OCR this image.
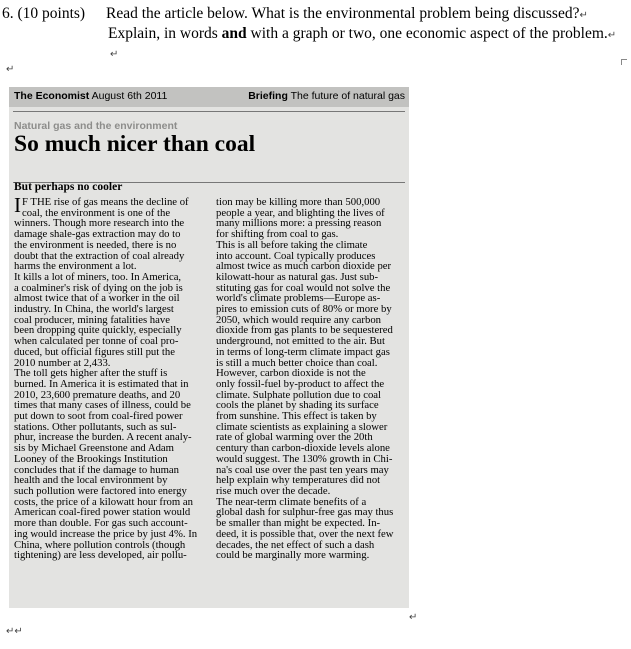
6. (10 points) Read the article below. What is the environmental problem being discussed?↵
Explain, in words and with a graph or two, one economic aspect of the problem.↵
↵
↵
The Economist August 6th 2011	Briefing The future of natural gas
Natural gas and the environment
So much nicer than coal
But perhaps no cooler
I F THE rise of gas means the decline of
coal, the environment is one of the
winners. Though more research into the
damage shale-gas extraction may do to
the environment is needed, there is no
doubt that the extraction of coal already
harms the environment a lot.
It kills a lot of miners, too. In America,
a coalminer's risk of dying on the job is
almost twice that of a worker in the oil
industry. In China, the world's largest
coal producer, mining fatalities have
been dropping quite quickly, especially
when calculated per tonne of coal pro-
duced, but official figures still put the
2010 number at 2,433.
The toll gets higher after the stuff is
burned. In America it is estimated that in
2010, 23,600 premature deaths, and 20
times that many cases of illness, could be
put down to soot from coal-fired power
stations. Other pollutants, such as sul-
phur, increase the burden. A recent analy-
sis by Michael Greenstone and Adam
Looney of the Brookings Institution
concludes that if the damage to human
health and the local environment by
such pollution were factored into energy
costs, the price of a kilowatt hour from an
American coal-fired power station would
more than double. For gas such account-
ing would increase the price by just 4%. In
China, where pollution controls (though
tightening) are less developed, air pollu-
tion may be killing more than 500,000
people a year, and blighting the lives of
many millions more: a pressing reason
for shifting from coal to gas.
This is all before taking the climate
into account. Coal typically produces
almost twice as much carbon dioxide per
kilowatt-hour as natural gas. Just sub-
stituting gas for coal would not solve the
world's climate problems—Europe as-
pires to emission cuts of 80% or more by
2050, which would require any carbon
dioxide from gas plants to be sequestered
underground, not emitted to the air. But
in terms of long-term climate impact gas
is still a much better choice than coal.
However, carbon dioxide is not the
only fossil-fuel by-product to affect the
climate. Sulphate pollution due to coal
cools the planet by shading its surface
from sunshine. This effect is taken by
climate scientists as explaining a slower
rate of global warming over the 20th
century than carbon-dioxide levels alone
would suggest. The 130% growth in Chi-
na's coal use over the past ten years may
help explain why temperatures did not
rise much over the decade.
The near-term climate benefits of a
global dash for sulphur-free gas may thus
be smaller than might be expected. In-
deed, it is possible that, over the next few
decades, the net effect of such a dash
could be marginally more warming.
↵
↵↵
